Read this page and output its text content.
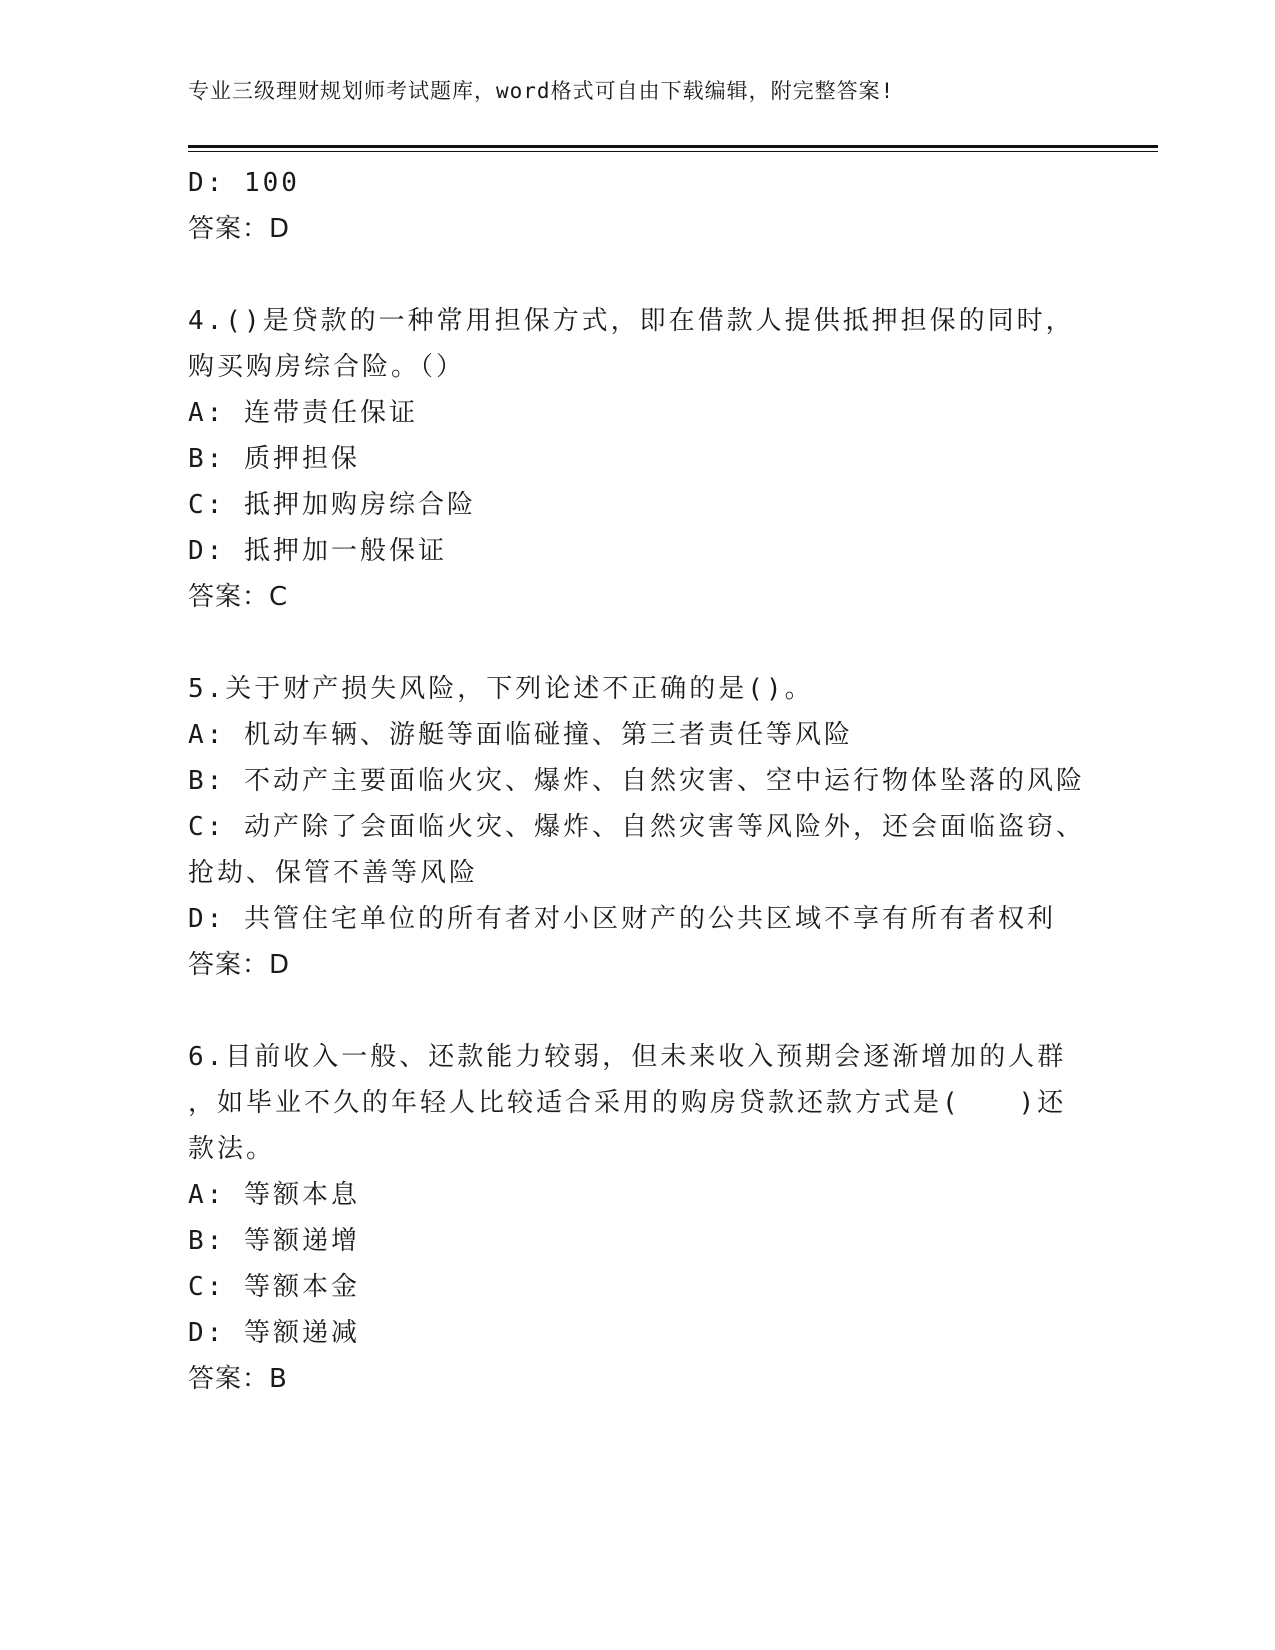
专业三级理财规划师考试题库，word格式可自由下载编辑，附完整答案!
D: 100
答案：D
4.()是贷款的一种常用担保方式，即在借款人提供抵押担保的同时，
购买购房综合险。（）
A: 连带责任保证
B: 质押担保
C: 抵押加购房综合险
D: 抵押加一般保证
答案：C
5.关于财产损失风险，下列论述不正确的是()。
A: 机动车辆、游艇等面临碰撞、第三者责任等风险
B: 不动产主要面临火灾、爆炸、自然灾害、空中运行物体坠落的风险
C: 动产除了会面临火灾、爆炸、自然灾害等风险外，还会面临盗窃、
抢劫、保管不善等风险
D: 共管住宅单位的所有者对小区财产的公共区域不享有所有者权利
答案：D
6.目前收入一般、还款能力较弱，但未来收入预期会逐渐增加的人群
，如毕业不久的年轻人比较适合采用的购房贷款还款方式是(　　)还
款法。
A: 等额本息
B: 等额递增
C: 等额本金
D: 等额递减
答案：B
